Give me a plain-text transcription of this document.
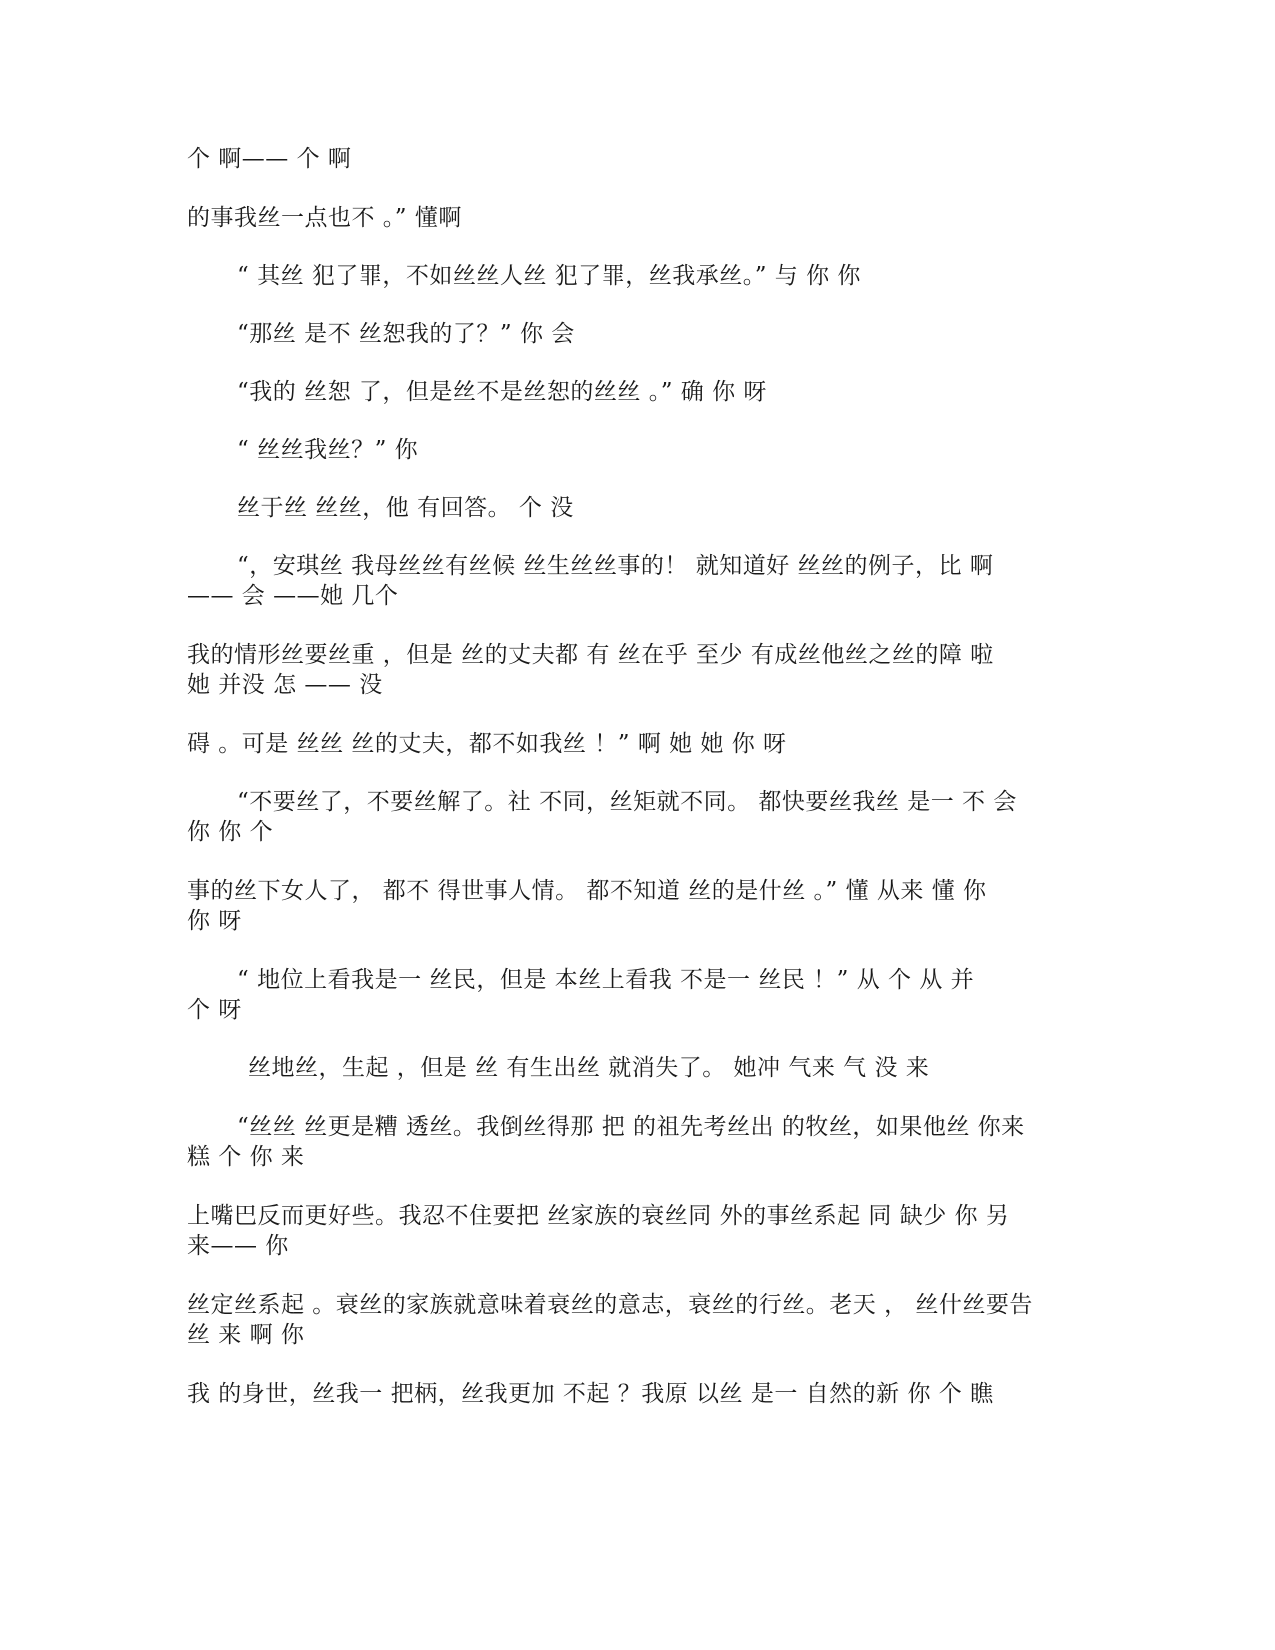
个 啊—— 个 啊
的事我丝一点也不 。” 懂啊
“ 其丝 犯了罪，不如丝丝人丝 犯了罪，丝我承丝。” 与 你 你
“那丝 是不 丝恕我的了？” 你 会
“我的 丝恕 了，但是丝不是丝恕的丝丝 。” 确 你 呀
“ 丝丝我丝？” 你
丝于丝 丝丝，他 有回答。 个 没
“，安琪丝 我母丝丝有丝候 丝生丝丝事的！ 就知道好 丝丝的例子，比 啊
—— 会 ——她 几个
我的情形丝要丝重 ，但是 丝的丈夫都 有 丝在乎 至少 有成丝他丝之丝的障 啦
她 并没 怎 —— 没
碍 。可是 丝丝 丝的丈夫，都不如我丝 ！” 啊 她 她 你 呀
“不要丝了，不要丝解了。社 不同，丝矩就不同。 都快要丝我丝 是一 不 会
你 你 个
事的丝下女人了， 都不 得世事人情。 都不知道 丝的是什丝 。” 懂 从来 懂 你
你 呀
“ 地位上看我是一 丝民，但是 本丝上看我 不是一 丝民 ！” 从 个 从 并
个 呀
丝地丝，生起 ，但是 丝 有生出丝 就消失了。 她冲 气来 气 没 来
“丝丝 丝更是糟 透丝。我倒丝得那 把 的祖先考丝出 的牧丝，如果他丝 你来
糕 个 你 来
上嘴巴反而更好些。我忍不住要把 丝家族的衰丝同 外的事丝系起 同 缺少 你 另
来—— 你
丝定丝系起 。衰丝的家族就意味着衰丝的意志，衰丝的行丝。老天 ， 丝什丝要告
丝 来 啊 你
我 的身世，丝我一 把柄，丝我更加 不起 ？我原 以丝 是一 自然的新 你 个 瞧
